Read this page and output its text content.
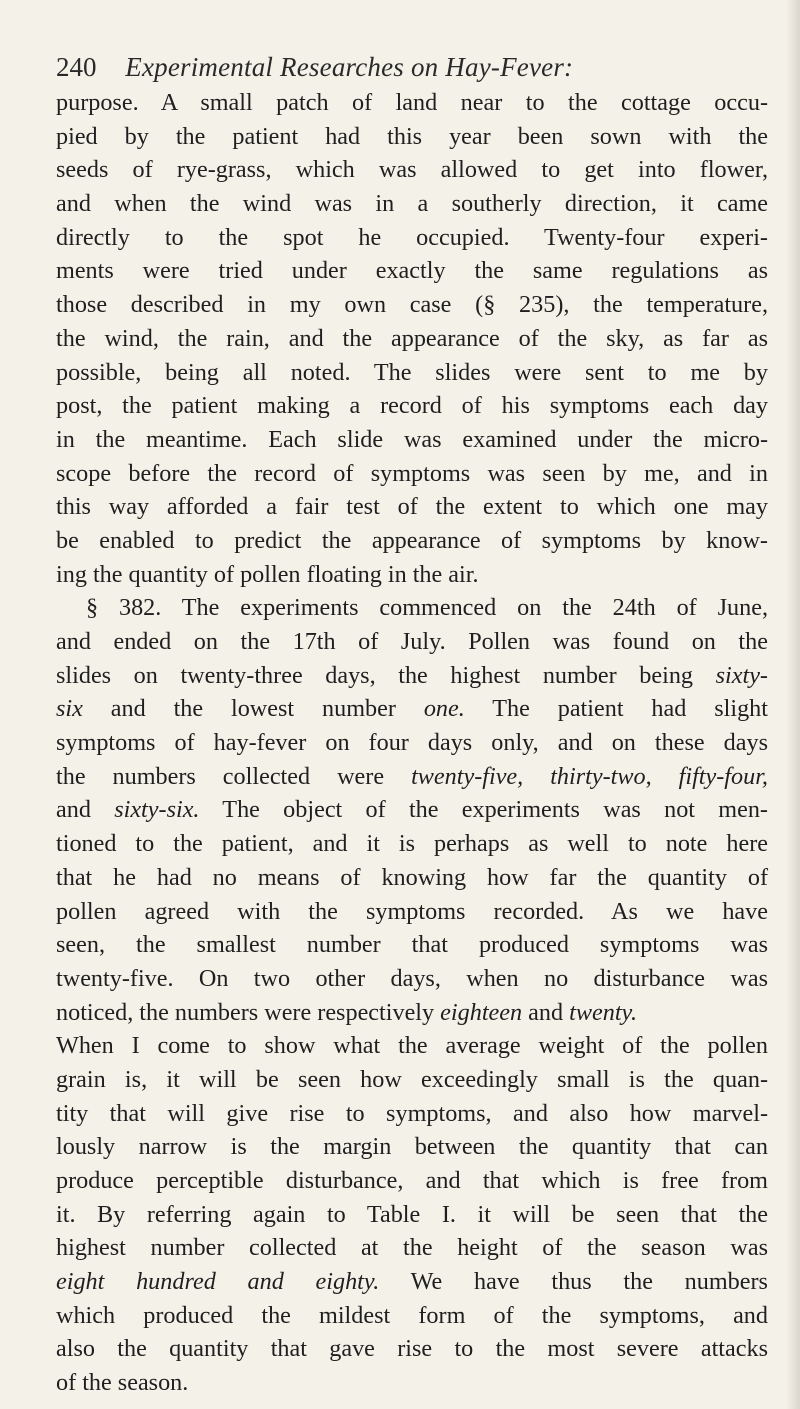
240 Experimental Researches on Hay-Fever:
purpose. A small patch of land near to the cottage occu-
pied by the patient had this year been sown with the
seeds of rye-grass, which was allowed to get into flower,
and when the wind was in a southerly direction, it came
directly to the spot he occupied. Twenty-four experi-
ments were tried under exactly the same regulations as
those described in my own case (§ 235), the temperature,
the wind, the rain, and the appearance of the sky, as far as
possible, being all noted. The slides were sent to me by
post, the patient making a record of his symptoms each day
in the meantime. Each slide was examined under the micro-
scope before the record of symptoms was seen by me, and in
this way afforded a fair test of the extent to which one may
be enabled to predict the appearance of symptoms by know-
ing the quantity of pollen floating in the air.
§ 382. The experiments commenced on the 24th of June,
and ended on the 17th of July. Pollen was found on the
slides on twenty-three days, the highest number being sixty-
six and the lowest number one. The patient had slight
symptoms of hay-fever on four days only, and on these days
the numbers collected were twenty-five, thirty-two, fifty-four,
and sixty-six. The object of the experiments was not men-
tioned to the patient, and it is perhaps as well to note here
that he had no means of knowing how far the quantity of
pollen agreed with the symptoms recorded. As we have
seen, the smallest number that produced symptoms was
twenty-five. On two other days, when no disturbance was
noticed, the numbers were respectively eighteen and twenty.
When I come to show what the average weight of the pollen
grain is, it will be seen how exceedingly small is the quan-
tity that will give rise to symptoms, and also how marvel-
lously narrow is the margin between the quantity that can
produce perceptible disturbance, and that which is free from
it. By referring again to Table I. it will be seen that the
highest number collected at the height of the season was
eight hundred and eighty. We have thus the numbers
which produced the mildest form of the symptoms, and
also the quantity that gave rise to the most severe attacks
of the season.
